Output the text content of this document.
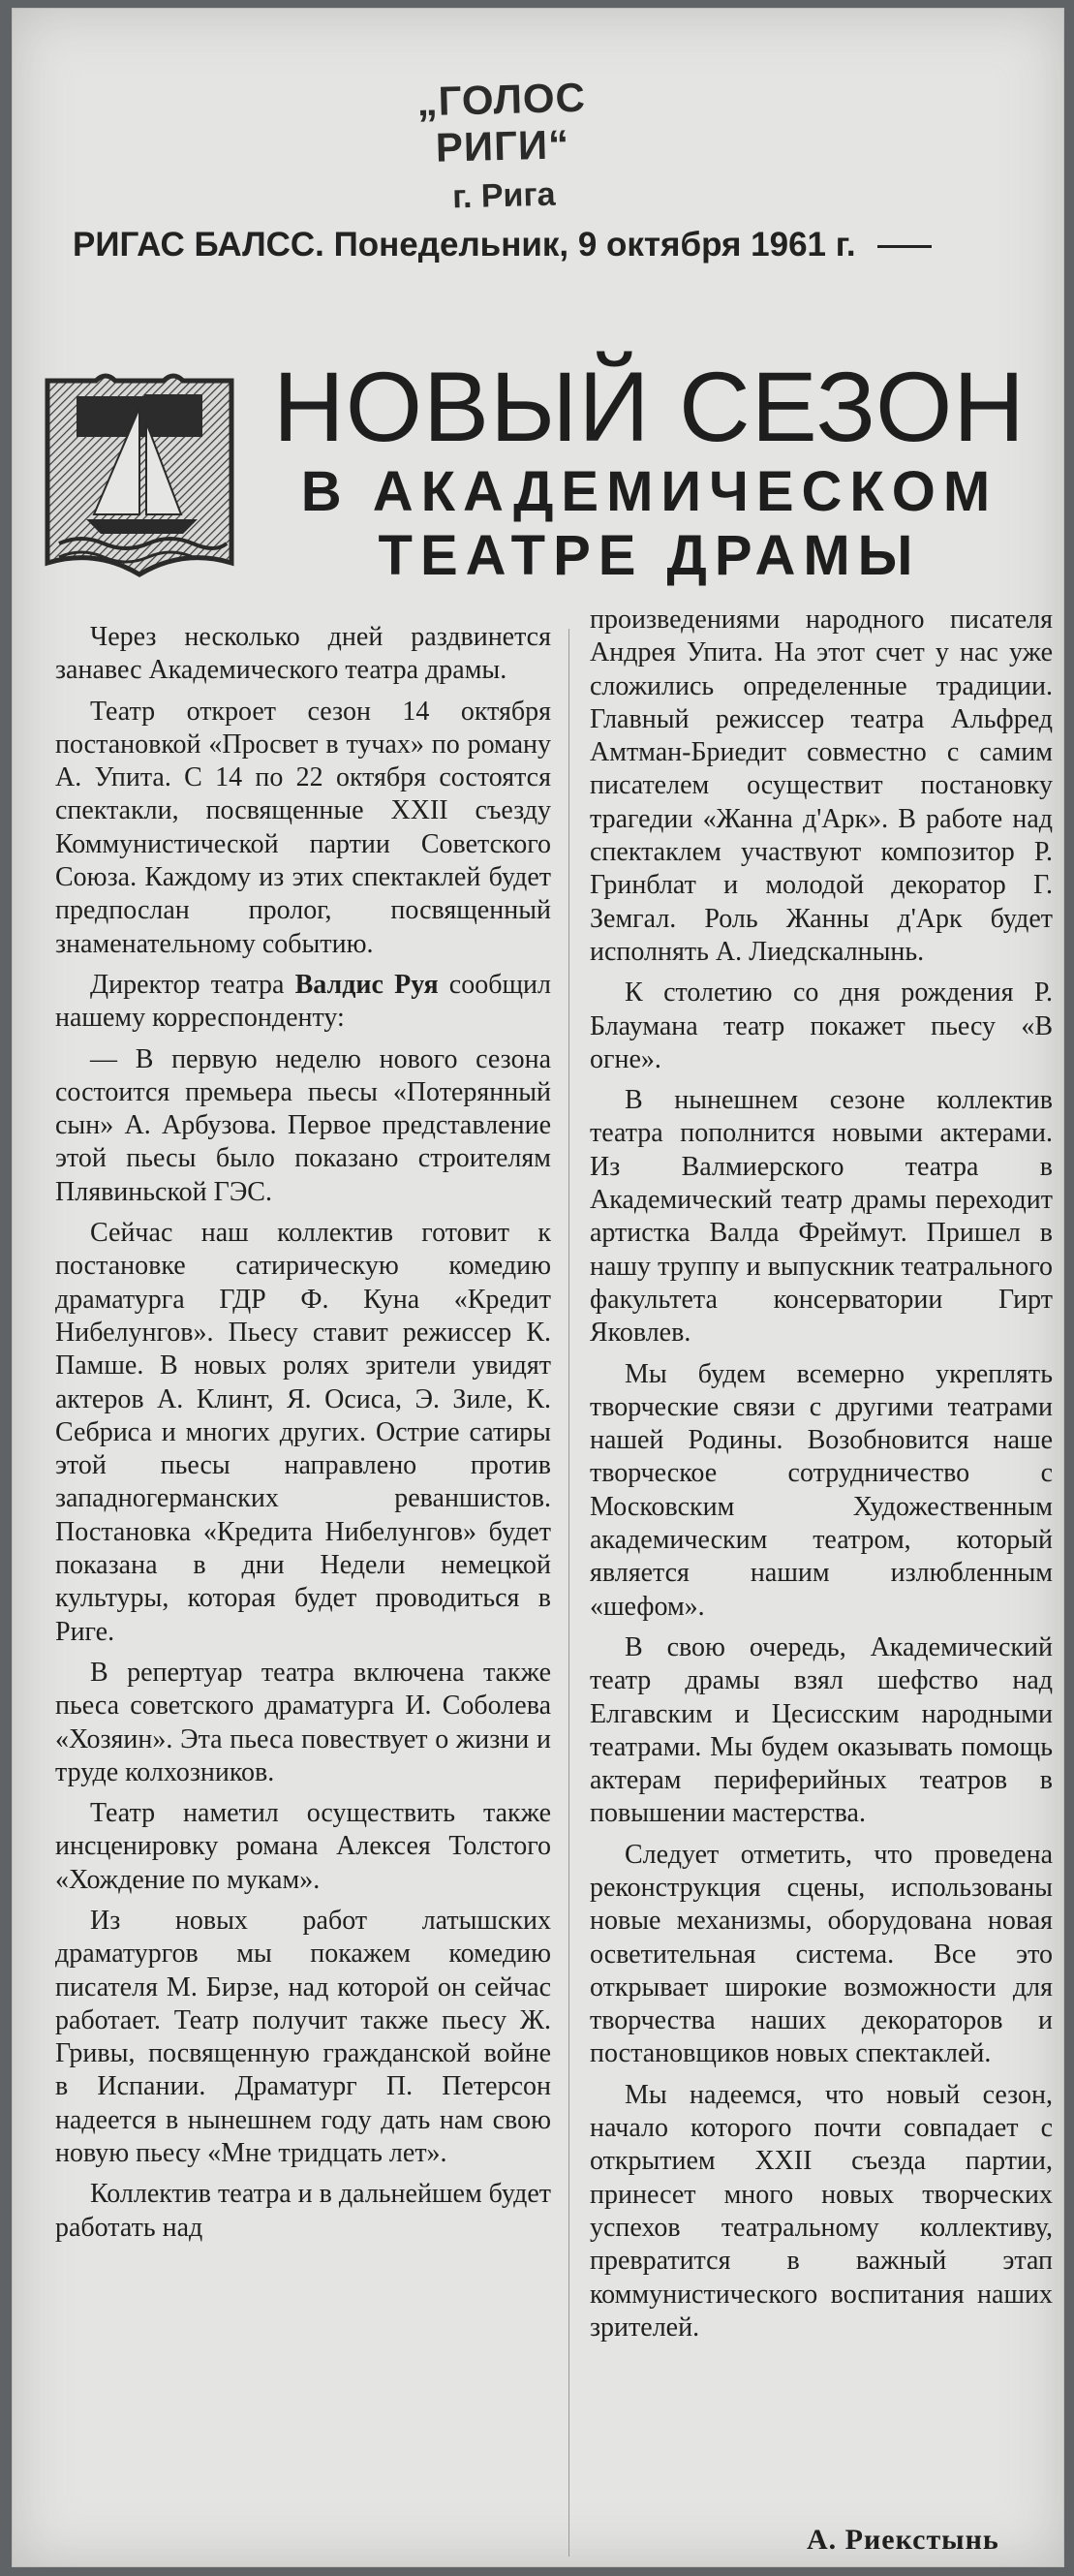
„ГОЛОС РИГИ“
г. Рига
РИГАС БАЛСС. Понедельник, 9 октября 1961 г.
НОВЫЙ СЕЗОН
В АКАДЕМИЧЕСКОМ
ТЕАТРЕ ДРАМЫ

Через несколько дней раздвинется занавес Академического театра драмы.

Театр откроет сезон 14 октября постановкой «Просвет в тучах» по роману А. Упита. С 14 по 22 октября состоятся спектакли, посвященные XXII съезду Коммунистической партии Советского Союза. Каждому из этих спектаклей будет предпослан пролог, посвященный знаменательному событию.

Директор театра Валдис Руя сообщил нашему корреспонденту:

— В первую неделю нового сезона состоится премьера пьесы «Потерянный сын» А. Арбузова. Первое представление этой пьесы было показано строителям Плявиньской ГЭС.

Сейчас наш коллектив готовит к постановке сатирическую комедию драматурга ГДР Ф. Куна «Кредит Нибелунгов». Пьесу ставит режиссер К. Памше. В новых ролях зрители увидят актеров А. Клинт, Я. Осиса, Э. Зиле, К. Себриса и многих других. Острие сатиры этой пьесы направлено против западногерманских реваншистов. Постановка «Кредита Нибелунгов» будет показана в дни Недели немецкой культуры, которая будет проводиться в Риге.

В репертуар театра включена также пьеса советского драматурга И. Соболева «Хозяин». Эта пьеса повествует о жизни и труде колхозников.

Театр наметил осуществить также инсценировку романа Алексея Толстого «Хождение по мукам».

Из новых работ латышских драматургов мы покажем комедию писателя М. Бирзе, над которой он сейчас работает. Театр получит также пьесу Ж. Гривы, посвященную гражданской войне в Испании. Драматург П. Петерсон надеется в нынешнем году дать нам свою новую пьесу «Мне тридцать лет».

Коллектив театра и в дальнейшем будет работать над

произведениями народного писателя Андрея Упита. На этот счет у нас уже сложились определенные традиции. Главный режиссер театра Альфред Амтман-Бриедит совместно с самим писателем осуществит постановку трагедии «Жанна д'Арк». В работе над спектаклем участвуют композитор Р. Гринблат и молодой декоратор Г. Земгал. Роль Жанны д'Арк будет исполнять А. Лиедскалнынь.

К столетию со дня рождения Р. Блаумана театр покажет пьесу «В огне».

В нынешнем сезоне коллектив театра пополнится новыми актерами. Из Валмиерского театра в Академический театр драмы переходит артистка Валда Фреймут. Пришел в нашу труппу и выпускник театрального факультета консерватории Гирт Яковлев.

Мы будем всемерно укреплять творческие связи с другими театрами нашей Родины. Возобновится наше творческое сотрудничество с Московским Художественным академическим театром, который является нашим излюбленным «шефом».

В свою очередь, Академический театр драмы взял шефство над Елгавским и Цесисским народными театрами. Мы будем оказывать помощь актерам периферийных театров в повышении мастерства.

Следует отметить, что проведена реконструкция сцены, использованы новые механизмы, оборудована новая осветительная система. Все это открывает широкие возможности для творчества наших декораторов и постановщиков новых спектаклей.

Мы надеемся, что новый сезон, начало которого почти совпадает с открытием XXII съезда партии, принесет много новых творческих успехов театральному коллективу, превратится в важный этап коммунистического воспитания наших зрителей.

А. Риекстынь
